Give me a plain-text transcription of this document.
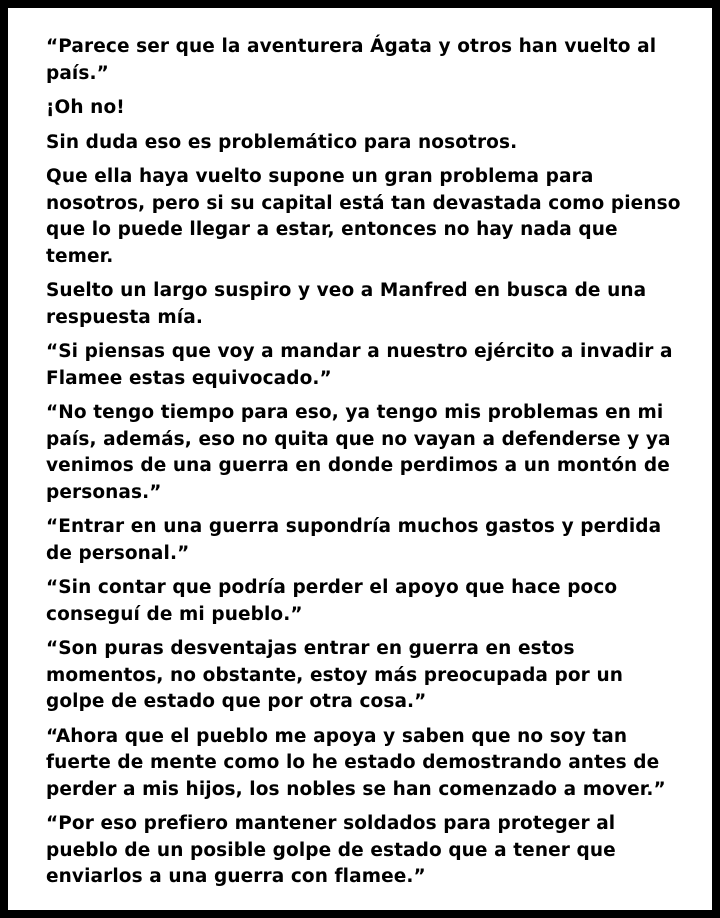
“Parece ser que la aventurera Ágata y otros han vuelto al país.”

¡Oh no!

Sin duda eso es problemático para nosotros.

Que ella haya vuelto supone un gran problema para nosotros, pero si su capital está tan devastada como pienso que lo puede llegar a estar, entonces no hay nada que temer.

Suelto un largo suspiro y veo a Manfred en busca de una respuesta mía.

“Si piensas que voy a mandar a nuestro ejército a invadir a Flamee estas equivocado.”

“No tengo tiempo para eso, ya tengo mis problemas en mi país, además, eso no quita que no vayan a defenderse y ya venimos de una guerra en donde perdimos a un montón de personas.”

“Entrar en una guerra supondría muchos gastos y perdida de personal.”

“Sin contar que podría perder el apoyo que hace poco conseguí de mi pueblo.”

“Son puras desventajas entrar en guerra en estos momentos, no obstante, estoy más preocupada por un golpe de estado que por otra cosa.”

“Ahora que el pueblo me apoya y saben que no soy tan fuerte de mente como lo he estado demostrando antes de perder a mis hijos, los nobles se han comenzado a mover.”

“Por eso prefiero mantener soldados para proteger al pueblo de un posible golpe de estado que a tener que enviarlos a una guerra con flamee.”
